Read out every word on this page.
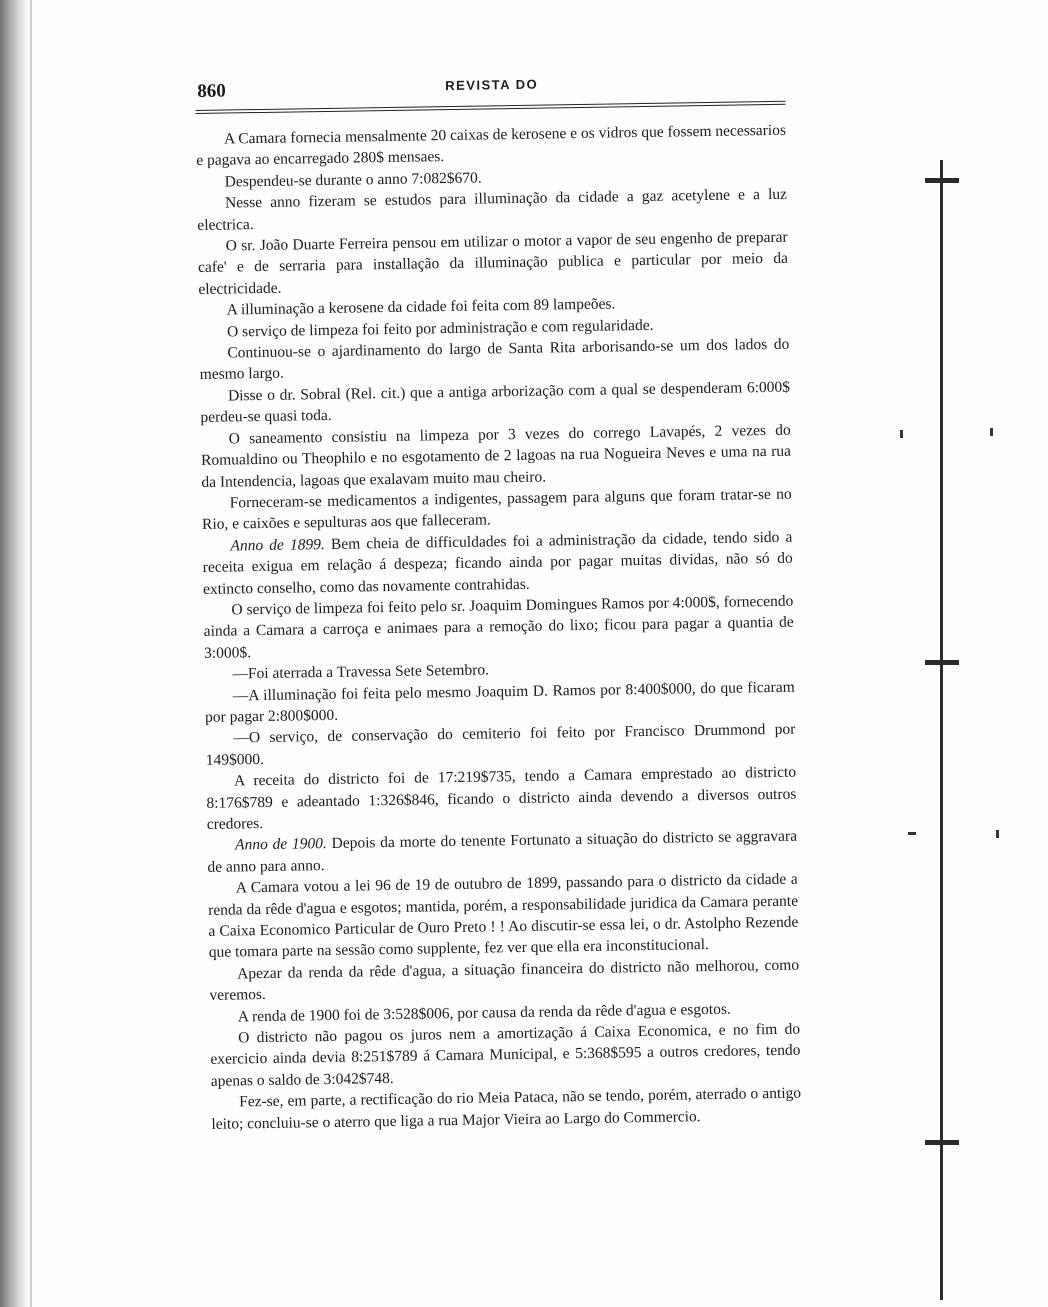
860	REVISTA DO

A Camara fornecia mensalmente 20 caixas de kerosene e os vidros que fossem necessarios e pagava ao encarregado 280$ mensaes.

Despendeu-se durante o anno 7:082$670.

Nesse anno fizeram se estudos para illuminação da cidade a gaz acetylene e a luz electrica.

O sr. João Duarte Ferreira pensou em utilizar o motor a vapor de seu engenho de preparar cafe' e de serraria para installação da illuminação publica e particular por meio da electricidade.

A illuminação a kerosene da cidade foi feita com 89 lampeões.

O serviço de limpeza foi feito por administração e com regularidade.

Continuou-se o ajardinamento do largo de Santa Rita arborisando-se um dos lados do mesmo largo.

Disse o dr. Sobral (Rel. cit.) que a antiga arborização com a qual se despenderam 6:000$ perdeu-se quasi toda.

O saneamento consistiu na limpeza por 3 vezes do corrego Lavapés, 2 vezes do Romualdino ou Theophilo e no esgotamento de 2 lagoas na rua Nogueira Neves e uma na rua da Intendencia, lagoas que exalavam muito mau cheiro.

Forneceram-se medicamentos a indigentes, passagem para alguns que foram tratar-se no Rio, e caixões e sepulturas aos que falleceram.

Anno de 1899. Bem cheia de difficuldades foi a administração da cidade, tendo sido a receita exigua em relação á despeza; ficando ainda por pagar muitas dividas, não só do extincto conselho, como das novamente contrahidas.

O serviço de limpeza foi feito pelo sr. Joaquim Domingues Ramos por 4:000$, fornecendo ainda a Camara a carroça e animaes para a remoção do lixo; ficou para pagar a quantia de 3:000$.

—Foi aterrada a Travessa Sete Setembro.

—A illuminação foi feita pelo mesmo Joaquim D. Ramos por 8:400$000, do que ficaram por pagar 2:800$000.

—O serviço, de conservação do cemiterio foi feito por Francisco Drummond por 149$000.

A receita do districto foi de 17:219$735, tendo a Camara emprestado ao districto 8:176$789 e adeantado 1:326$846, ficando o districto ainda devendo a diversos outros credores.

Anno de 1900. Depois da morte do tenente Fortunato a situação do districto se aggravara de anno para anno.

A Camara votou a lei 96 de 19 de outubro de 1899, passando para o districto da cidade a renda da rêde d'agua e esgotos; mantida, porém, a responsabilidade juridica da Camara perante a Caixa Economico Particular de Ouro Preto ! ! Ao discutir-se essa lei, o dr. Astolpho Rezende que tomara parte na sessão como supplente, fez ver que ella era inconstitucional.

Apezar da renda da rêde d'agua, a situação financeira do districto não melhorou, como veremos.

A renda de 1900 foi de 3:528$006, por causa da renda da rêde d'agua e esgotos.

O districto não pagou os juros nem a amortização á Caixa Economica, e no fim do exercicio ainda devia 8:251$789 á Camara Municipal, e 5:368$595 a outros credores, tendo apenas o saldo de 3:042$748.

Fez-se, em parte, a rectificação do rio Meia Pataca, não se tendo, porém, aterrado o antigo leito; concluiu-se o aterro que liga a rua Major Vieira ao Largo do Commercio.
